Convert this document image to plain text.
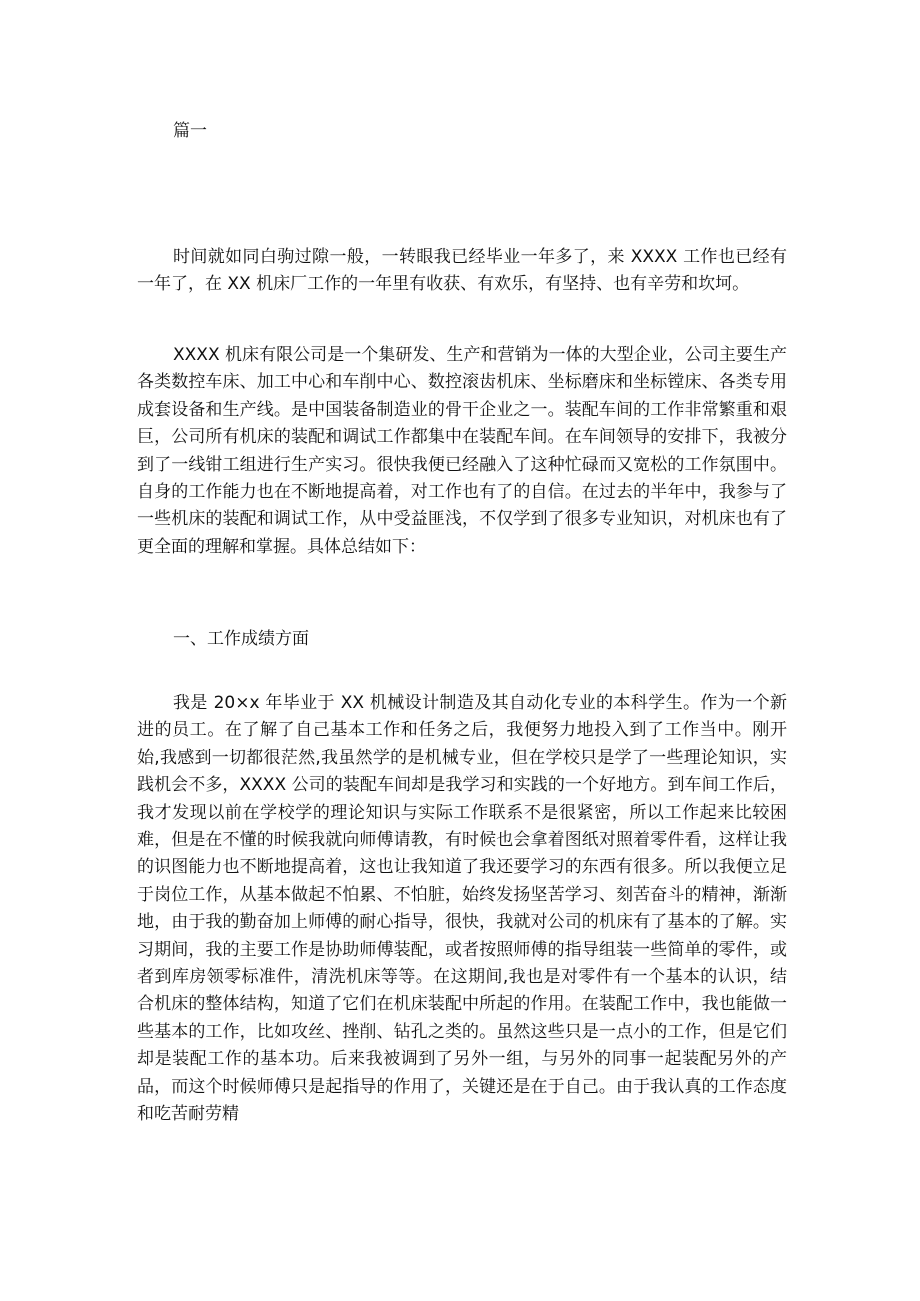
篇一

时间就如同白驹过隙一般，一转眼我已经毕业一年多了，来 XXXX 工作也已经有一年了，在 XX 机床厂工作的一年里有收获、有欢乐，有坚持、也有辛劳和坎坷。

XXXX 机床有限公司是一个集研发、生产和营销为一体的大型企业，公司主要生产各类数控车床、加工中心和车削中心、数控滚齿机床、坐标磨床和坐标镗床、各类专用成套设备和生产线。是中国装备制造业的骨干企业之一。装配车间的工作非常繁重和艰巨，公司所有机床的装配和调试工作都集中在装配车间。在车间领导的安排下，我被分到了一线钳工组进行生产实习。很快我便已经融入了这种忙碌而又宽松的工作氛围中。自身的工作能力也在不断地提高着，对工作也有了的自信。在过去的半年中，我参与了一些机床的装配和调试工作，从中受益匪浅，不仅学到了很多专业知识，对机床也有了更全面的理解和掌握。具体总结如下：

一、工作成绩方面

我是 20×x 年毕业于 XX 机械设计制造及其自动化专业的本科学生。作为一个新进的员工。在了解了自己基本工作和任务之后，我便努力地投入到了工作当中。刚开始,我感到一切都很茫然,我虽然学的是机械专业，但在学校只是学了一些理论知识，实践机会不多，XXXX 公司的装配车间却是我学习和实践的一个好地方。到车间工作后，我才发现以前在学校学的理论知识与实际工作联系不是很紧密，所以工作起来比较困难，但是在不懂的时候我就向师傅请教，有时候也会拿着图纸对照着零件看，这样让我的识图能力也不断地提高着，这也让我知道了我还要学习的东西有很多。所以我便立足于岗位工作，从基本做起不怕累、不怕脏，始终发扬坚苦学习、刻苦奋斗的精神，渐渐地，由于我的勤奋加上师傅的耐心指导，很快，我就对公司的机床有了基本的了解。实习期间，我的主要工作是协助师傅装配，或者按照师傅的指导组装一些简单的零件，或者到库房领零标准件，清洗机床等等。在这期间,我也是对零件有一个基本的认识，结合机床的整体结构，知道了它们在机床装配中所起的作用。在装配工作中，我也能做一些基本的工作，比如攻丝、挫削、钻孔之类的。虽然这些只是一点小的工作，但是它们却是装配工作的基本功。后来我被调到了另外一组，与另外的同事一起装配另外的产品，而这个时候师傅只是起指导的作用了，关键还是在于自己。由于我认真的工作态度和吃苦耐劳精
